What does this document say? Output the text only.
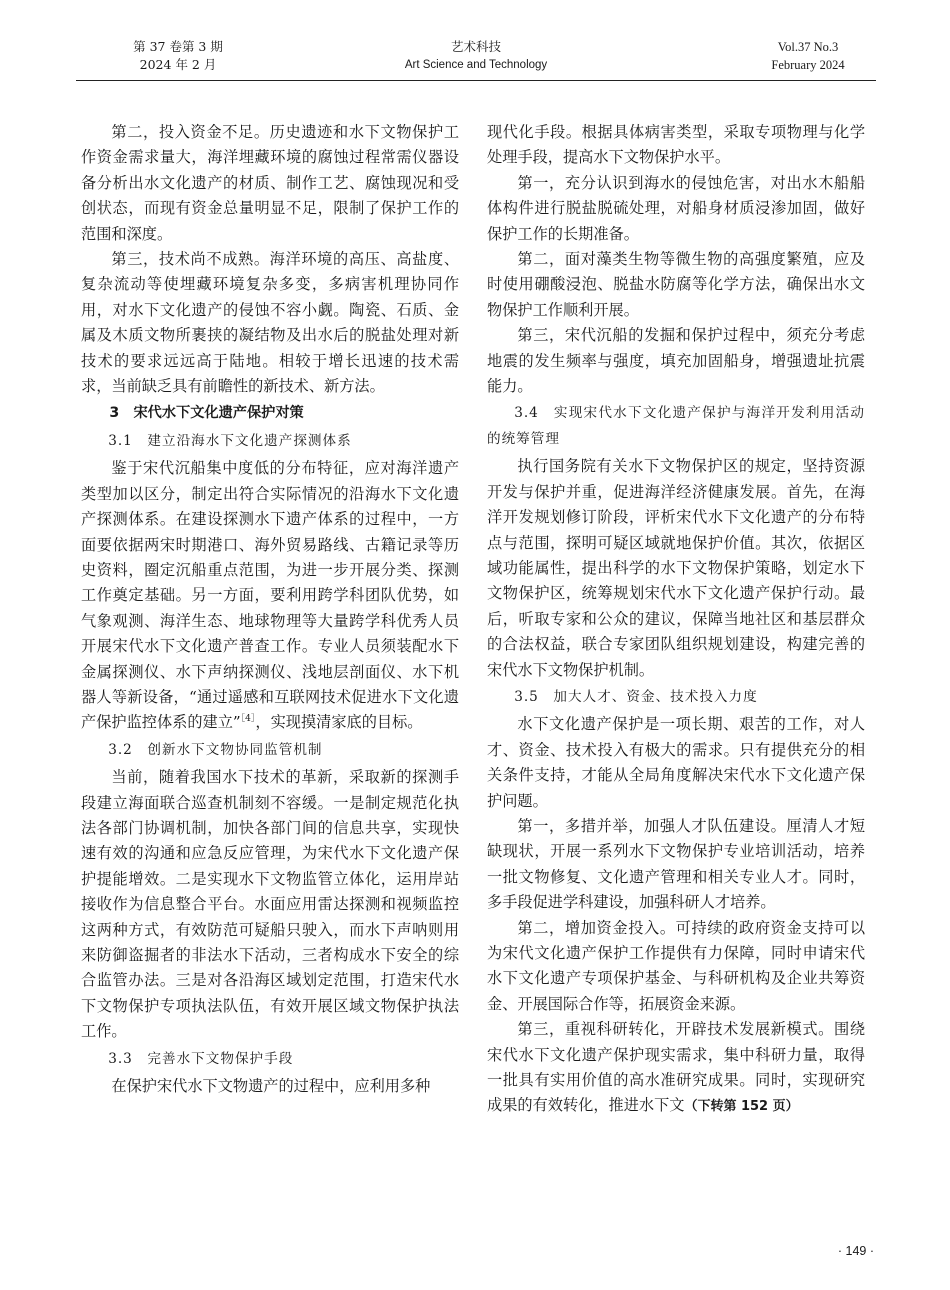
第 37 卷第 3 期
2024 年 2 月
艺术科技
Art Science and Technology
Vol.37 No.3
February 2024

第二，投入资金不足。历史遗迹和水下文物保护工作资金需求量大，海洋埋藏环境的腐蚀过程常需仪器设备分析出水文化遗产的材质、制作工艺、腐蚀现况和受创状态，而现有资金总量明显不足，限制了保护工作的范围和深度。

第三，技术尚不成熟。海洋环境的高压、高盐度、复杂流动等使埋藏环境复杂多变，多病害机理协同作用，对水下文化遗产的侵蚀不容小觑。陶瓷、石质、金属及木质文物所裹挟的凝结物及出水后的脱盐处理对新技术的要求远远高于陆地。相较于增长迅速的技术需求，当前缺乏具有前瞻性的新技术、新方法。

3　宋代水下文化遗产保护对策
3.1　建立沿海水下文化遗产探测体系

鉴于宋代沉船集中度低的分布特征，应对海洋遗产类型加以区分，制定出符合实际情况的沿海水下文化遗产探测体系。在建设探测水下遗产体系的过程中，一方面要依据两宋时期港口、海外贸易路线、古籍记录等历史资料，圈定沉船重点范围，为进一步开展分类、探测工作奠定基础。另一方面，要利用跨学科团队优势，如气象观测、海洋生态、地球物理等大量跨学科优秀人员开展宋代水下文化遗产普查工作。专业人员须装配水下金属探测仪、水下声纳探测仪、浅地层剖面仪、水下机器人等新设备，“通过遥感和互联网技术促进水下文化遗产保护监控体系的建立”$^{[4]}$，实现摸清家底的目标。

3.2　创新水下文物协同监管机制

当前，随着我国水下技术的革新，采取新的探测手段建立海面联合巡查机制刻不容缓。一是制定规范化执法各部门协调机制，加快各部门间的信息共享，实现快速有效的沟通和应急反应管理，为宋代水下文化遗产保护提能增效。二是实现水下文物监管立体化，运用岸站接收作为信息整合平台。水面应用雷达探测和视频监控这两种方式，有效防范可疑船只驶入，而水下声呐则用来防御盗掘者的非法水下活动，三者构成水下安全的综合监管办法。三是对各沿海区域划定范围，打造宋代水下文物保护专项执法队伍，有效开展区域文物保护执法工作。

3.3　完善水下文物保护手段

在保护宋代水下文物遗产的过程中，应利用多种

现代化手段。根据具体病害类型，采取专项物理与化学处理手段，提高水下文物保护水平。

第一，充分认识到海水的侵蚀危害，对出水木船船体构件进行脱盐脱硫处理，对船身材质浸渗加固，做好保护工作的长期准备。

第二，面对藻类生物等微生物的高强度繁殖，应及时使用硼酸浸泡、脱盐水防腐等化学方法，确保出水文物保护工作顺利开展。

第三，宋代沉船的发掘和保护过程中，须充分考虑地震的发生频率与强度，填充加固船身，增强遗址抗震能力。

3.4　实现宋代水下文化遗产保护与海洋开发利用活动的统筹管理

执行国务院有关水下文物保护区的规定，坚持资源开发与保护并重，促进海洋经济健康发展。首先，在海洋开发规划修订阶段，评析宋代水下文化遗产的分布特点与范围，探明可疑区域就地保护价值。其次，依据区域功能属性，提出科学的水下文物保护策略，划定水下文物保护区，统筹规划宋代水下文化遗产保护行动。最后，听取专家和公众的建议，保障当地社区和基层群众的合法权益，联合专家团队组织规划建设，构建完善的宋代水下文物保护机制。

3.5　加大人才、资金、技术投入力度

水下文化遗产保护是一项长期、艰苦的工作，对人才、资金、技术投入有极大的需求。只有提供充分的相关条件支持，才能从全局角度解决宋代水下文化遗产保护问题。

第一，多措并举，加强人才队伍建设。厘清人才短缺现状，开展一系列水下文物保护专业培训活动，培养一批文物修复、文化遗产管理和相关专业人才。同时，多手段促进学科建设，加强科研人才培养。

第二，增加资金投入。可持续的政府资金支持可以为宋代文化遗产保护工作提供有力保障，同时申请宋代水下文化遗产专项保护基金、与科研机构及企业共筹资金、开展国际合作等，拓展资金来源。

第三，重视科研转化，开辟技术发展新模式。围绕宋代水下文化遗产保护现实需求，集中科研力量，取得一批具有实用价值的高水准研究成果。同时，实现研究成果的有效转化，推进水下文（下转第 152 页）

· 149 ·
